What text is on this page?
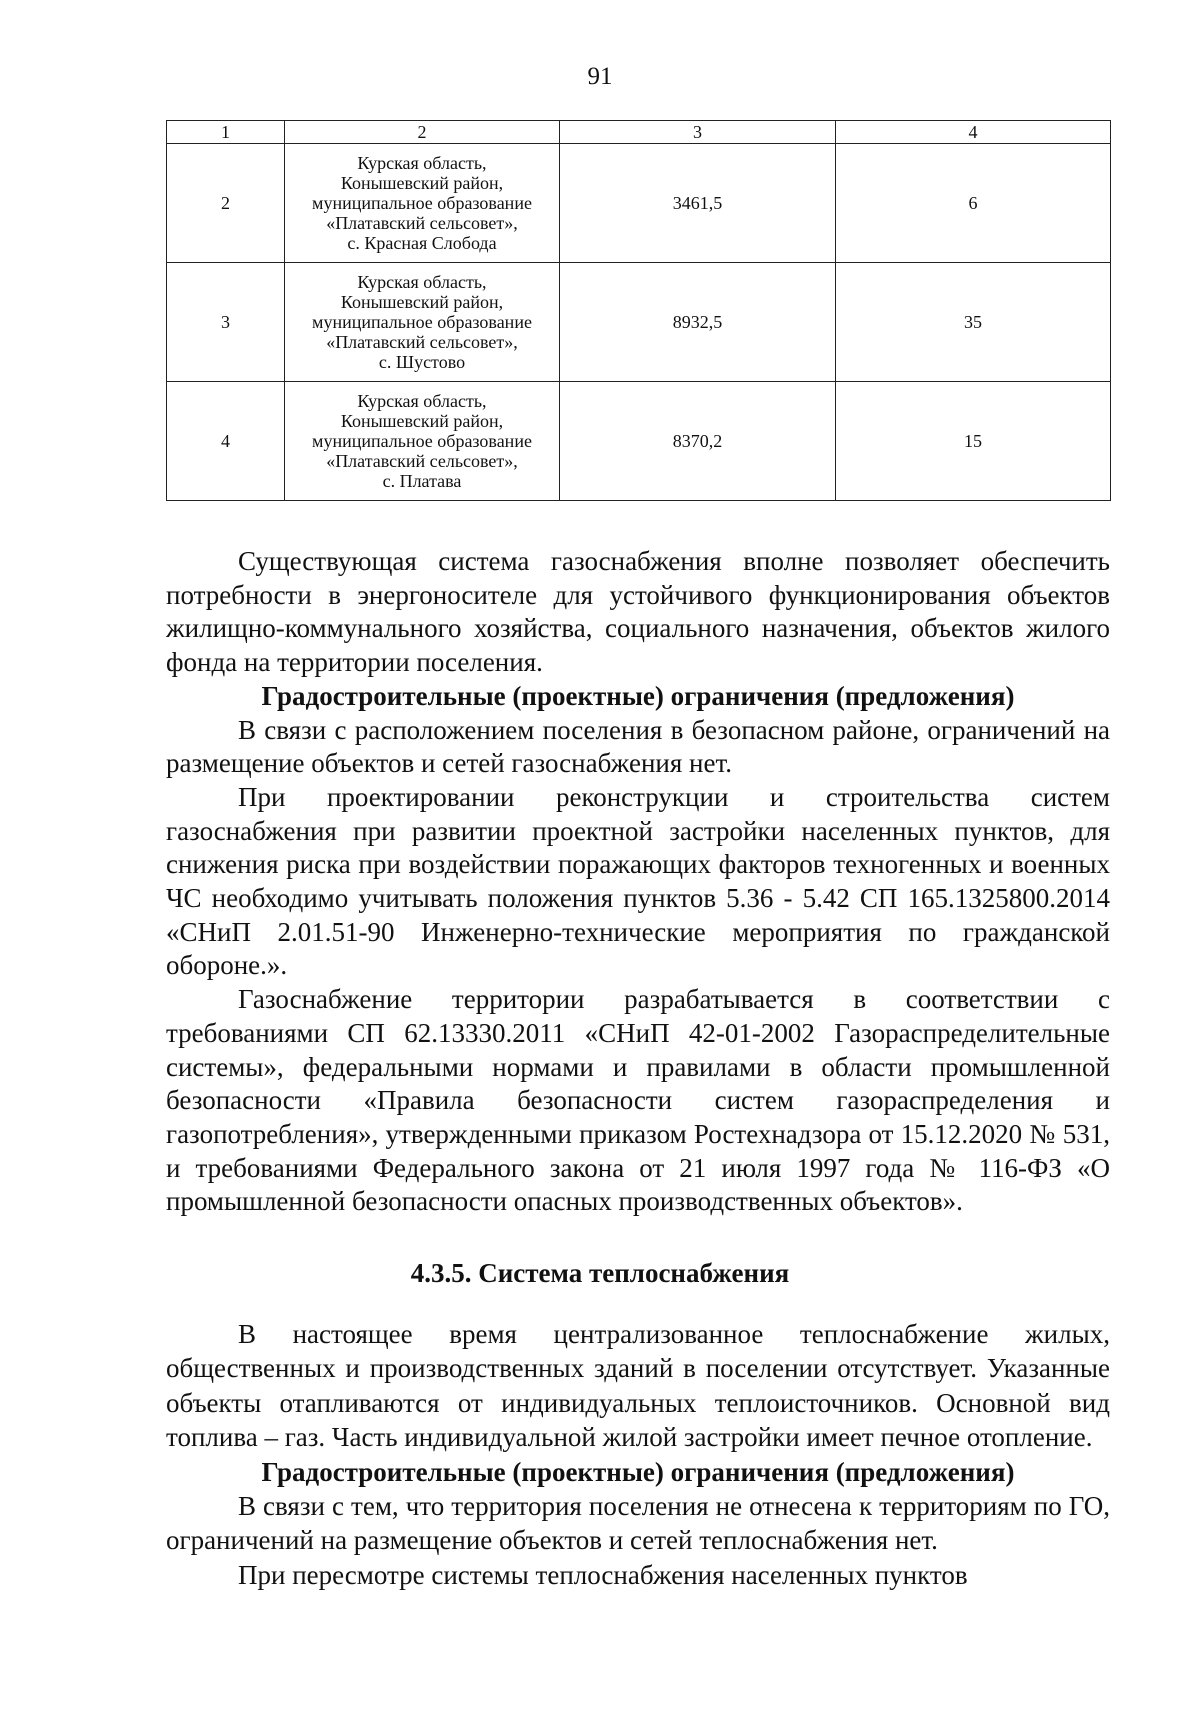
91
1	2	3	4
2	Курская область,
Конышевский район,
муниципальное образование
«Платавский сельсовет»,
с. Красная Слобода	3461,5	6
3	Курская область,
Конышевский район,
муниципальное образование
«Платавский сельсовет»,
с. Шустово	8932,5	35
4	Курская область,
Конышевский район,
муниципальное образование
«Платавский сельсовет»,
с. Платава	8370,2	15

Существующая система газоснабжения вполне позволяет обеспечить потребности в энергоносителе для устойчивого функционирования объектов жилищно-коммунального хозяйства, социального назначения, объектов жилого фонда на территории поселения.

Градостроительные (проектные) ограничения (предложения)

В связи с расположением поселения в безопасном районе, ограничений на размещение объектов и сетей газоснабжения нет.

При проектировании реконструкции и строительства систем газоснабжения при развитии проектной застройки населенных пунктов, для снижения риска при воздействии поражающих факторов техногенных и военных ЧС необходимо учитывать положения пунктов 5.36 - 5.42 СП 165.1325800.2014 «СНиП 2.01.51-90 Инженерно-технические мероприятия по гражданской обороне.».

Газоснабжение территории разрабатывается в соответствии с требованиями СП 62.13330.2011 «СНиП 42-01-2002 Газораспределительные системы», федеральными нормами и правилами в области промышленной безопасности «Правила безопасности систем газораспределения и газопотребления», утвержденными приказом Ростехнадзора от 15.12.2020 № 531, и требованиями Федерального закона от 21 июля 1997 года № 116-ФЗ «О промышленной безопасности опасных производственных объектов».

4.3.5. Система теплоснабжения

В настоящее время централизованное теплоснабжение жилых, общественных и производственных зданий в поселении отсутствует. Указанные объекты отапливаются от индивидуальных теплоисточников. Основной вид топлива – газ. Часть индивидуальной жилой застройки имеет печное отопление.

Градостроительные (проектные) ограничения (предложения)

В связи с тем, что территория поселения не отнесена к территориям по ГО, ограничений на размещение объектов и сетей теплоснабжения нет.

При пересмотре системы теплоснабжения населенных пунктов
